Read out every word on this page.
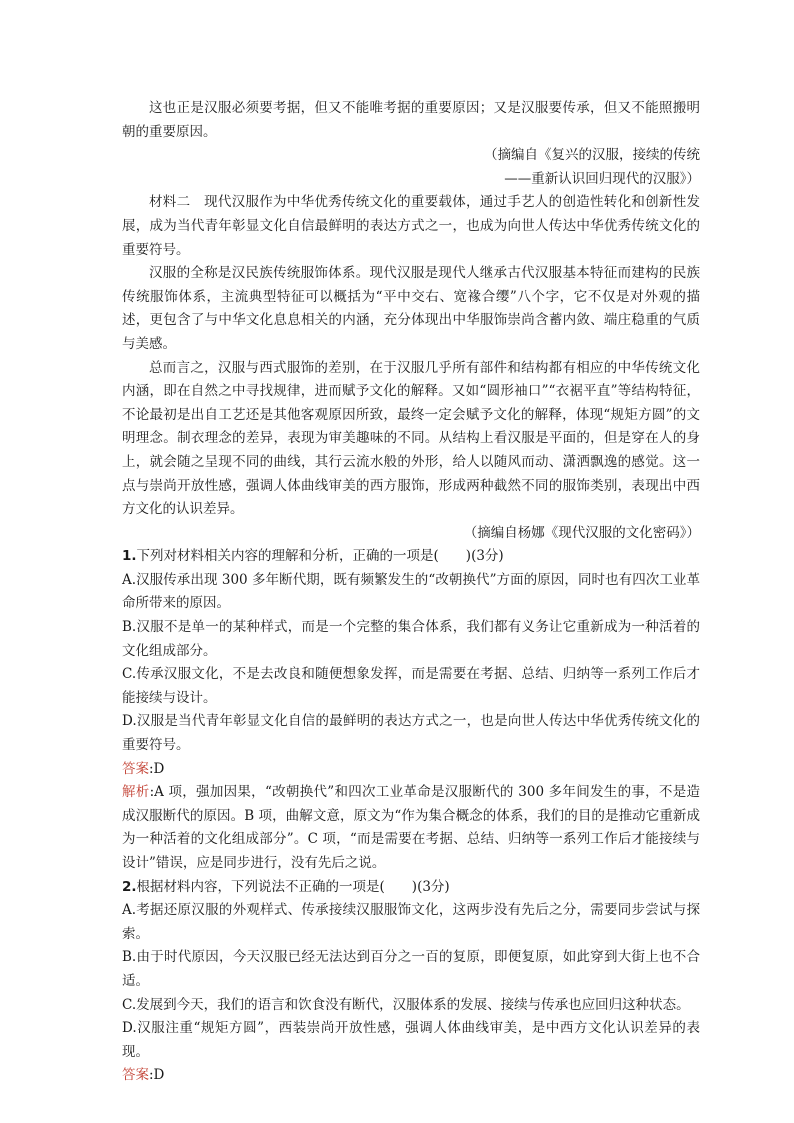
这也正是汉服必须要考据，但又不能唯考据的重要原因；又是汉服要传承，但又不能照搬明朝的重要原因。

（摘编自《复兴的汉服，接续的传统

——重新认识回归现代的汉服》）

材料二　现代汉服作为中华优秀传统文化的重要载体，通过手艺人的创造性转化和创新性发展，成为当代青年彰显文化自信最鲜明的表达方式之一，也成为向世人传达中华优秀传统文化的重要符号。

汉服的全称是汉民族传统服饰体系。现代汉服是现代人继承古代汉服基本特征而建构的民族传统服饰体系，主流典型特征可以概括为“平中交右、宽褖合缨”八个字，它不仅是对外观的描述，更包含了与中华文化息息相关的内涵，充分体现出中华服饰崇尚含蓄内敛、端庄稳重的气质与美感。

总而言之，汉服与西式服饰的差别，在于汉服几乎所有部件和结构都有相应的中华传统文化内涵，即在自然之中寻找规律，进而赋予文化的解释。又如“圆形袖口”“衣裾平直”等结构特征，不论最初是出自工艺还是其他客观原因所致，最终一定会赋予文化的解释，体现“规矩方圆”的文明理念。制衣理念的差异，表现为审美趣味的不同。从结构上看汉服是平面的，但是穿在人的身上，就会随之呈现不同的曲线，其行云流水般的外形，给人以随风而动、潇洒飘逸的感觉。这一点与崇尚开放性感，强调人体曲线审美的西方服饰，形成两种截然不同的服饰类别，表现出中西方文化的认识差异。

（摘编自杨娜《现代汉服的文化密码》）

1.下列对材料相关内容的理解和分析，正确的一项是(　　)(3分)

A.汉服传承出现 300 多年断代期，既有频繁发生的“改朝换代”方面的原因，同时也有四次工业革命所带来的原因。

B.汉服不是单一的某种样式，而是一个完整的集合体系，我们都有义务让它重新成为一种活着的文化组成部分。

C.传承汉服文化，不是去改良和随便想象发挥，而是需要在考据、总结、归纳等一系列工作后才能接续与设计。

D.汉服是当代青年彰显文化自信的最鲜明的表达方式之一，也是向世人传达中华优秀传统文化的重要符号。

答案:D

解析:A 项，强加因果，“改朝换代”和四次工业革命是汉服断代的 300 多年间发生的事，不是造成汉服断代的原因。B 项，曲解文意，原文为“作为集合概念的体系，我们的目的是推动它重新成为一种活着的文化组成部分”。C 项，“而是需要在考据、总结、归纳等一系列工作后才能接续与设计”错误，应是同步进行，没有先后之说。

2.根据材料内容，下列说法不正确的一项是(　　)(3分)

A.考据还原汉服的外观样式、传承接续汉服服饰文化，这两步没有先后之分，需要同步尝试与探索。

B.由于时代原因，今天汉服已经无法达到百分之一百的复原，即便复原，如此穿到大街上也不合适。

C.发展到今天，我们的语言和饮食没有断代，汉服体系的发展、接续与传承也应回归这种状态。

D.汉服注重“规矩方圆”，西装崇尚开放性感，强调人体曲线审美，是中西方文化认识差异的表现。

答案:D
